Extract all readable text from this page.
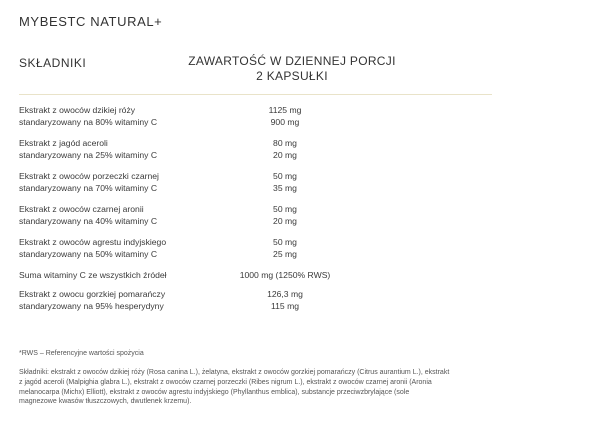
MYBESTC NATURAL+
SKŁADNIKI	ZAWARTOŚĆ W DZIENNEJ PORCJI
2 KAPSUŁKI
Ekstrakt z owoców dzikiej róży
standaryzowany na 80% witaminy C
1125 mg
900 mg
Ekstrakt z jagód aceroli
standaryzowany na 25% witaminy C
80 mg
20 mg
Ekstrakt z owoców porzeczki czarnej
standaryzowany na 70% witaminy C
50 mg
35 mg
Ekstrakt z owoców czarnej aronii
standaryzowany na 40% witaminy C
50 mg
20 mg
Ekstrakt z owoców agrestu indyjskiego
standaryzowany na 50% witaminy C
50 mg
25 mg
Suma witaminy C ze wszystkich źródeł	1000 mg (1250% RWS)
Ekstrakt z owocu gorzkiej pomarańczy
standaryzowany na 95% hesperydyny
126,3 mg
115 mg
*RWS – Referencyjne wartości spożycia
Składniki: ekstrakt z owoców dzikiej róży (Rosa canina L.), żelatyna, ekstrakt z owoców gorzkiej pomarańczy (Citrus aurantium L.), ekstrakt
z jagód aceroli (Malpighia glabra L.), ekstrakt z owoców czarnej porzeczki (Ribes nigrum L.), ekstrakt z owoców czarnej aronii (Aronia
melanocarpa (Michx) Elliott), ekstrakt z owoców agrestu indyjskiego (Phyllanthus emblica), substancje przeciwzbrylające (sole
magnezowe kwasów tłuszczowych, dwutlenek krzemu).
